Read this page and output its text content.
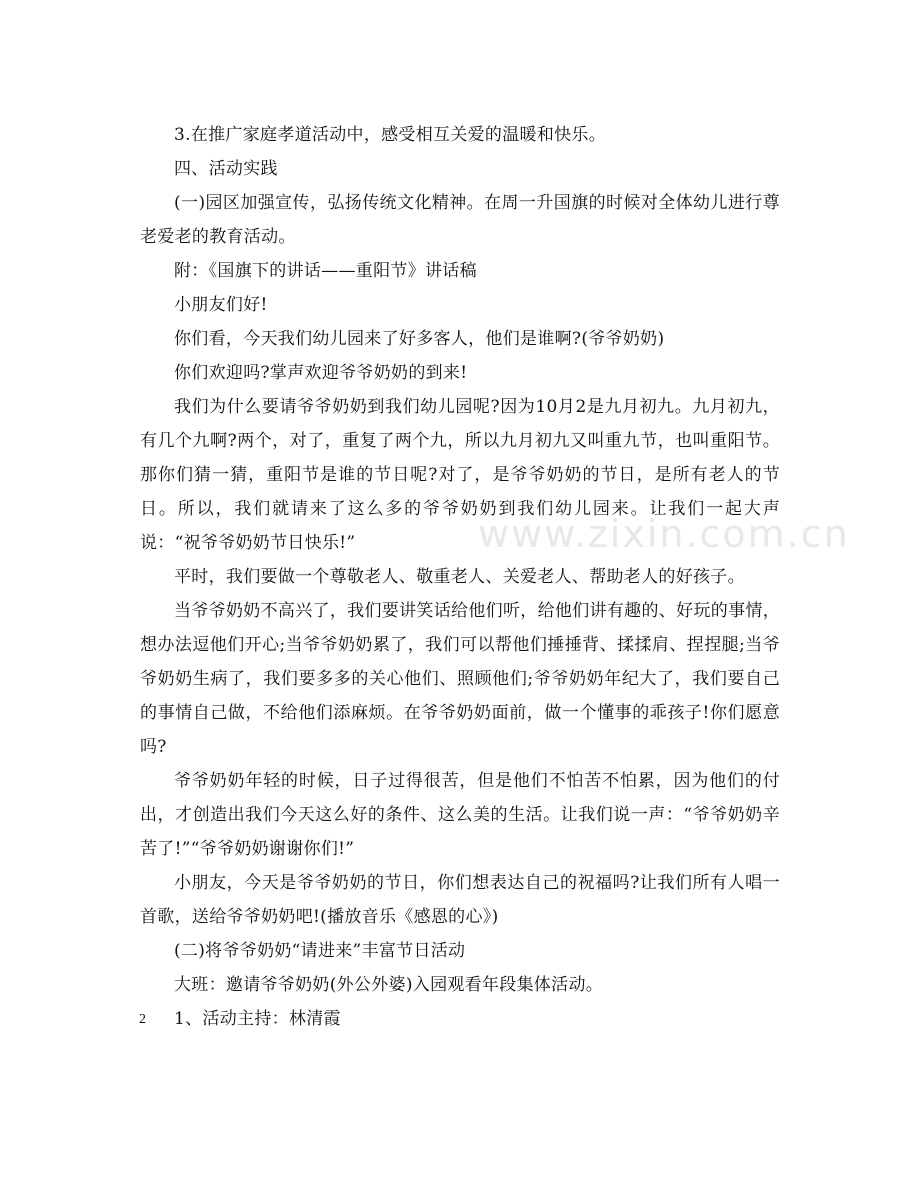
3.在推广家庭孝道活动中，感受相互关爱的温暖和快乐。

四、活动实践

(一)园区加强宣传，弘扬传统文化精神。在周一升国旗的时候对全体幼儿进行尊老爱老的教育活动。

附：《国旗下的讲话——重阳节》讲话稿

小朋友们好!

你们看，今天我们幼儿园来了好多客人，他们是谁啊?(爷爷奶奶)

你们欢迎吗?掌声欢迎爷爷奶奶的到来!

我们为什么要请爷爷奶奶到我们幼儿园呢?因为10月2是九月初九。九月初九，有几个九啊?两个，对了，重复了两个九，所以九月初九又叫重九节，也叫重阳节。那你们猜一猜，重阳节是谁的节日呢?对了，是爷爷奶奶的节日，是所有老人的节日。所以，我们就请来了这么多的爷爷奶奶到我们幼儿园来。让我们一起大声说：“祝爷爷奶奶节日快乐!”

平时，我们要做一个尊敬老人、敬重老人、关爱老人、帮助老人的好孩子。

当爷爷奶奶不高兴了，我们要讲笑话给他们听，给他们讲有趣的、好玩的事情，想办法逗他们开心;当爷爷奶奶累了，我们可以帮他们捶捶背、揉揉肩、捏捏腿;当爷爷奶奶生病了，我们要多多的关心他们、照顾他们;爷爷奶奶年纪大了，我们要自己的事情自己做，不给他们添麻烦。在爷爷奶奶面前，做一个懂事的乖孩子!你们愿意吗?

爷爷奶奶年轻的时候，日子过得很苦，但是他们不怕苦不怕累，因为他们的付出，才创造出我们今天这么好的条件、这么美的生活。让我们说一声：“爷爷奶奶辛苦了!”“爷爷奶奶谢谢你们!”

小朋友，今天是爷爷奶奶的节日，你们想表达自己的祝福吗?让我们所有人唱一首歌，送给爷爷奶奶吧!(播放音乐《感恩的心》)

(二)将爷爷奶奶“请进来”丰富节日活动

大班：邀请爷爷奶奶(外公外婆)入园观看年段集体活动。

1、活动主持：林清霞

www.zixin.com.cn
2
